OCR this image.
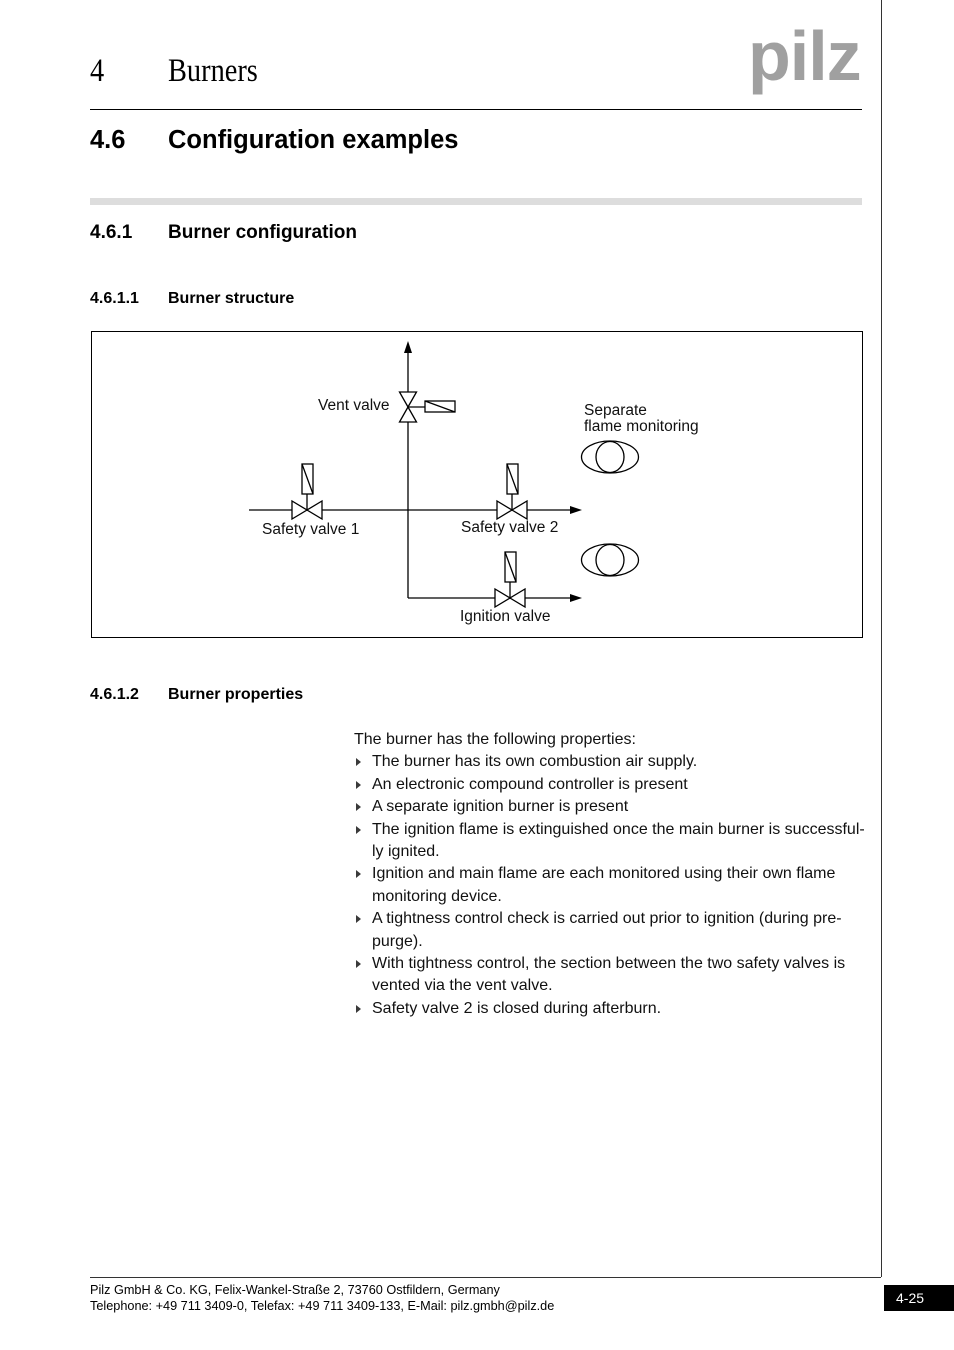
4 Burners	pilz
4.6 Configuration examples
4.6.1 Burner configuration
4.6.1.1 Burner structure
Vent valve	Separate
flame monitoring
Safety valve 1	Safety valve 2
Ignition valve
4.6.1.2 Burner properties
The burner has the following properties:
The burner has its own combustion air supply.
An electronic compound controller is present
A separate ignition burner is present
The ignition flame is extinguished once the main burner is successful-
ly ignited.
Ignition and main flame are each monitored using their own flame
monitoring device.
A tightness control check is carried out prior to ignition (during pre-
purge).
With tightness control, the section between the two safety valves is
vented via the vent valve.
Safety valve 2 is closed during afterburn.
Pilz GmbH & Co. KG, Felix-Wankel-Straße 2, 73760 Ostfildern, Germany
Telephone: +49 711 3409-0, Telefax: +49 711 3409-133, E-Mail: pilz.gmbh@pilz.de	4-25
